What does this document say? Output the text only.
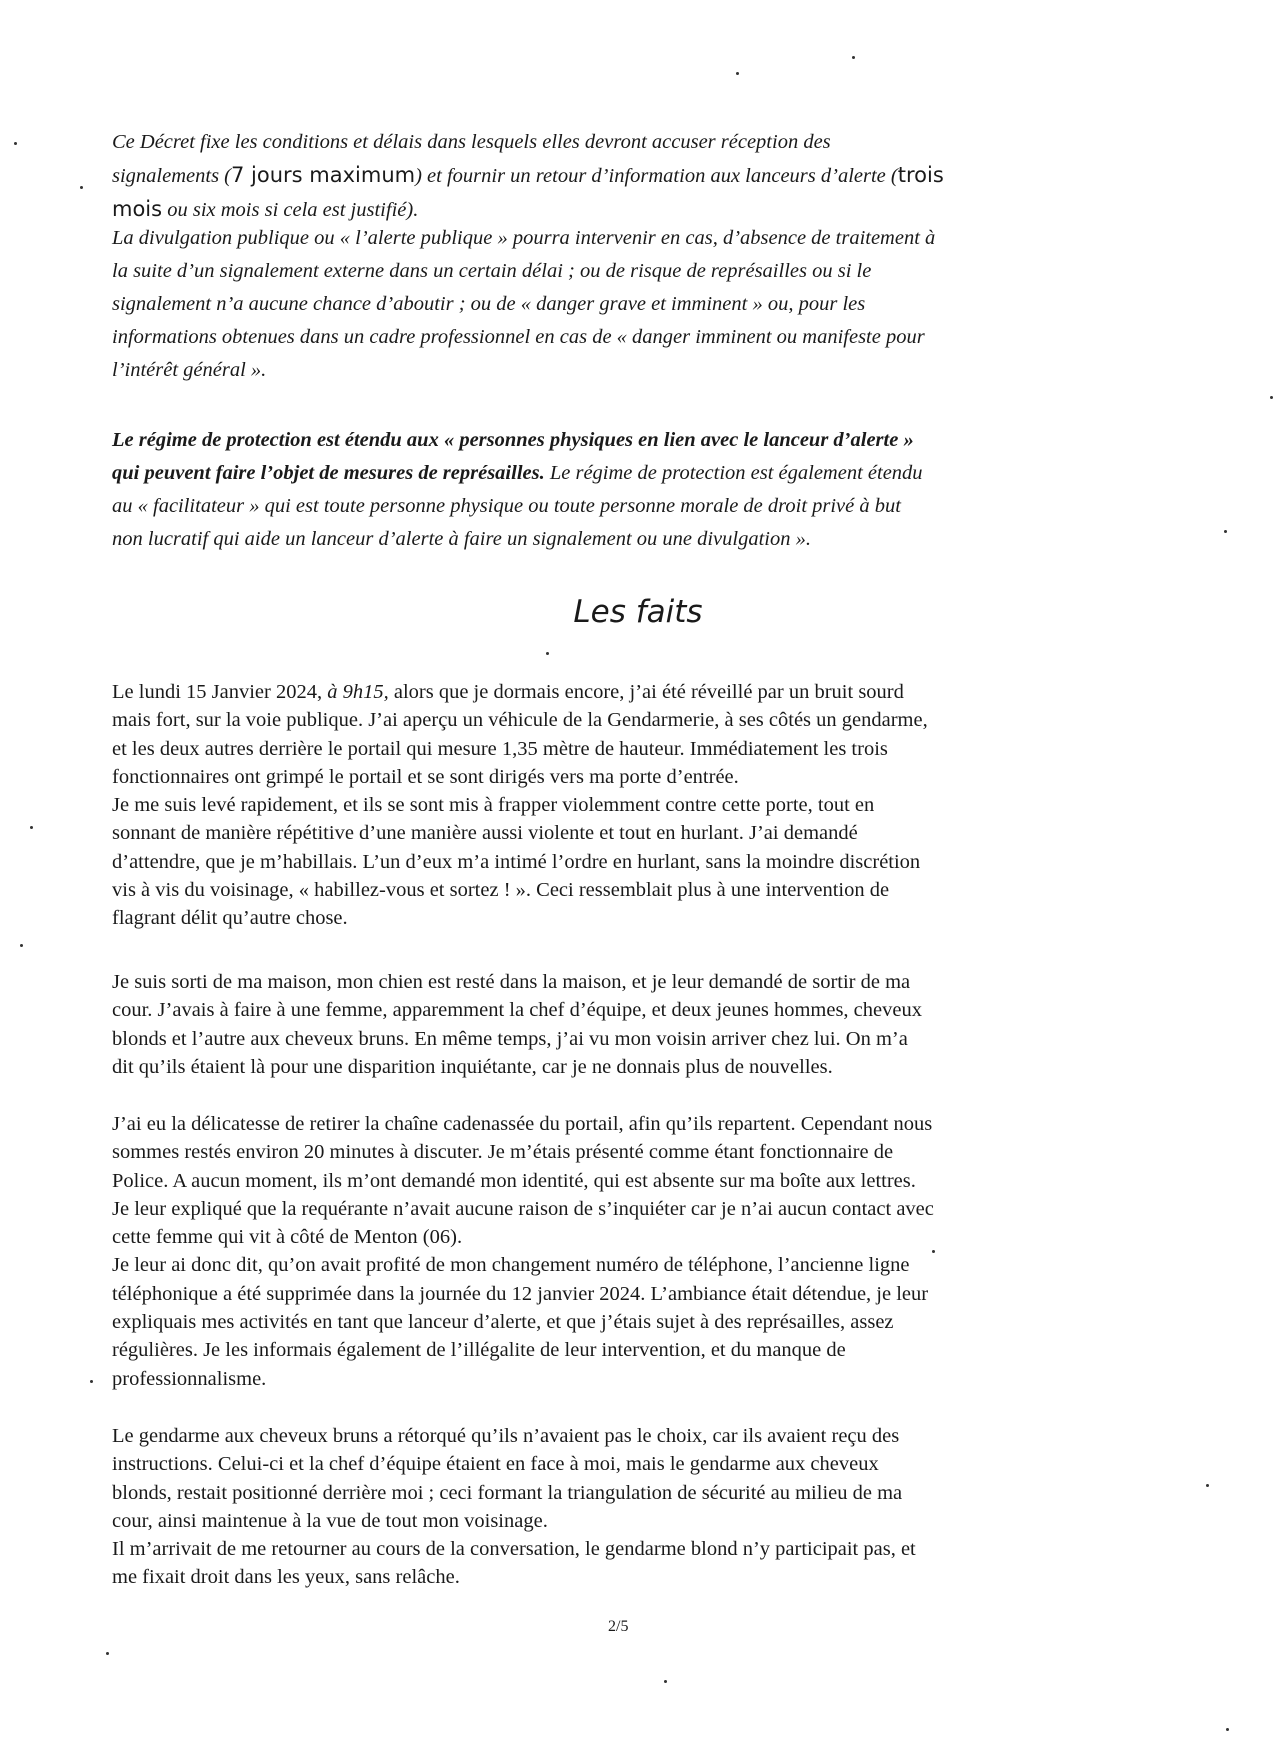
Ce Décret fixe les conditions et délais dans lesquels elles devront accuser réception des
signalements (7 jours maximum) et fournir un retour d’information aux lanceurs d’alerte (trois
mois ou six mois si cela est justifié).

La divulgation publique ou « l’alerte publique » pourra intervenir en cas, d’absence de traitement à
la suite d’un signalement externe dans un certain délai ; ou de risque de représailles ou si le
signalement n’a aucune chance d’aboutir ; ou de « danger grave et imminent » ou, pour les
informations obtenues dans un cadre professionnel en cas de « danger imminent ou manifeste pour
l’intérêt général ».

Le régime de protection est étendu aux « personnes physiques en lien avec le lanceur d’alerte »
qui peuvent faire l’objet de mesures de représailles. Le régime de protection est également étendu
au « facilitateur » qui est toute personne physique ou toute personne morale de droit privé à but
non lucratif qui aide un lanceur d’alerte à faire un signalement ou une divulgation ».

Les faits

Le lundi 15 Janvier 2024, à 9h15, alors que je dormais encore, j’ai été réveillé par un bruit sourd
mais fort, sur la voie publique. J’ai aperçu un véhicule de la Gendarmerie, à ses côtés un gendarme,
et les deux autres derrière le portail qui mesure 1,35 mètre de hauteur. Immédiatement les trois
fonctionnaires ont grimpé le portail et se sont dirigés vers ma porte d’entrée.
Je me suis levé rapidement, et ils se sont mis à frapper violemment contre cette porte, tout en
sonnant de manière répétitive d’une manière aussi violente et tout en hurlant. J’ai demandé
d’attendre, que je m’habillais. L’un d’eux m’a intimé l’ordre en hurlant, sans la moindre discrétion
vis à vis du voisinage, « habillez-vous et sortez ! ». Ceci ressemblait plus à une intervention de
flagrant délit qu’autre chose.

Je suis sorti de ma maison, mon chien est resté dans la maison, et je leur demandé de sortir de ma
cour. J’avais à faire à une femme, apparemment la chef d’équipe, et deux jeunes hommes, cheveux
blonds et l’autre aux cheveux bruns. En même temps, j’ai vu mon voisin arriver chez lui. On m’a
dit qu’ils étaient là pour une disparition inquiétante, car je ne donnais plus de nouvelles.

J’ai eu la délicatesse de retirer la chaîne cadenassée du portail, afin qu’ils repartent. Cependant nous
sommes restés environ 20 minutes à discuter. Je m’étais présenté comme étant fonctionnaire de
Police. A aucun moment, ils m’ont demandé mon identité, qui est absente sur ma boîte aux lettres.
Je leur expliqué que la requérante n’avait aucune raison de s’inquiéter car je n’ai aucun contact avec
cette femme qui vit à côté de Menton (06).
Je leur ai donc dit, qu’on avait profité de mon changement numéro de téléphone, l’ancienne ligne
téléphonique a été supprimée dans la journée du 12 janvier 2024. L’ambiance était détendue, je leur
expliquais mes activités en tant que lanceur d’alerte, et que j’étais sujet à des représailles, assez
régulières. Je les informais également de l’illégalite de leur intervention, et du manque de
professionnalisme.

Le gendarme aux cheveux bruns a rétorqué qu’ils n’avaient pas le choix, car ils avaient reçu des
instructions. Celui-ci et la chef d’équipe étaient en face à moi, mais le gendarme aux cheveux
blonds, restait positionné derrière moi ; ceci formant la triangulation de sécurité au milieu de ma
cour, ainsi maintenue à la vue de tout mon voisinage.
Il m’arrivait de me retourner au cours de la conversation, le gendarme blond n’y participait pas, et
me fixait droit dans les yeux, sans relâche.

2/5
